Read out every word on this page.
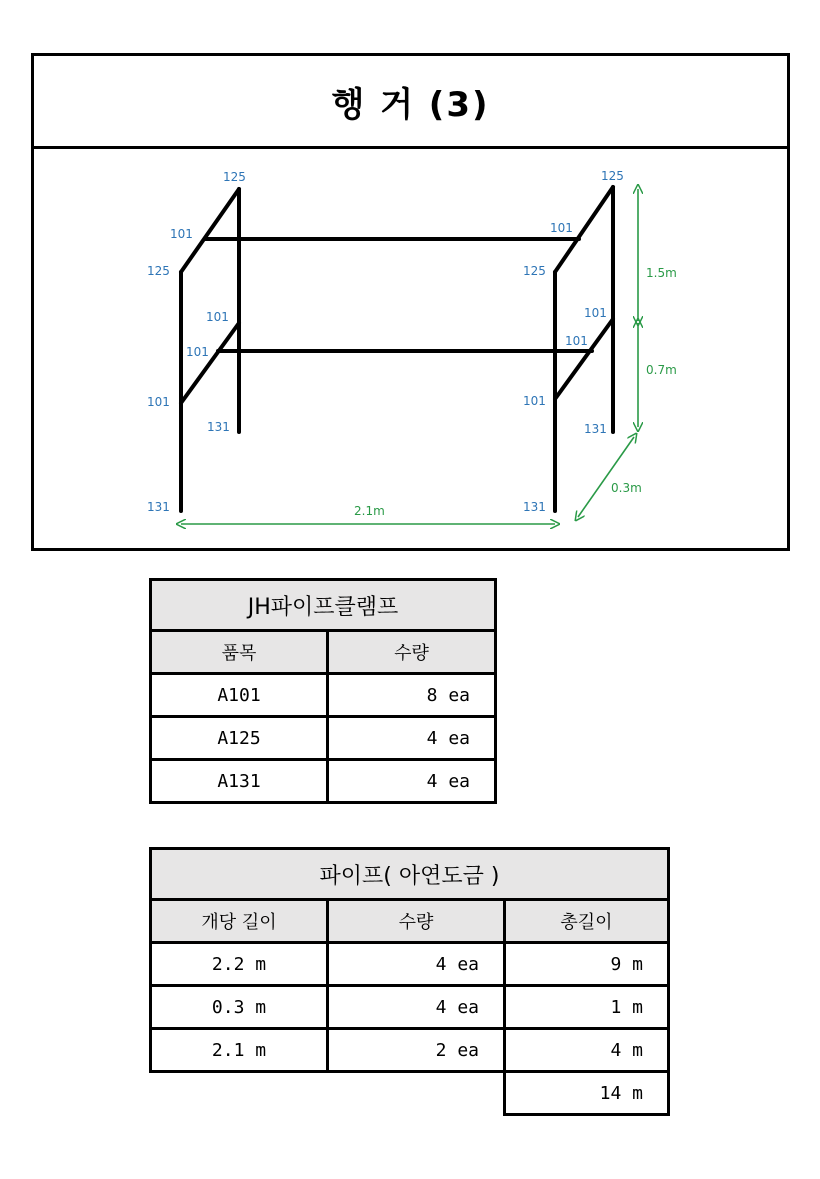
행 거 (3)
125
101
125
101
101
101
131
131
125
101
125
101
101
101
131
131
1.5m
0.7m
0.3m
2.1m
JH파이프클램프	
품목	수량
A101	8 ea
A125	4 ea
A131	4 ea
파이프( 아연도금 )		
개당 길이	수량	총길이
2.2 m	4 ea	9 m
0.3 m	4 ea	1 m
2.1 m	2 ea	4 m
		14 m
